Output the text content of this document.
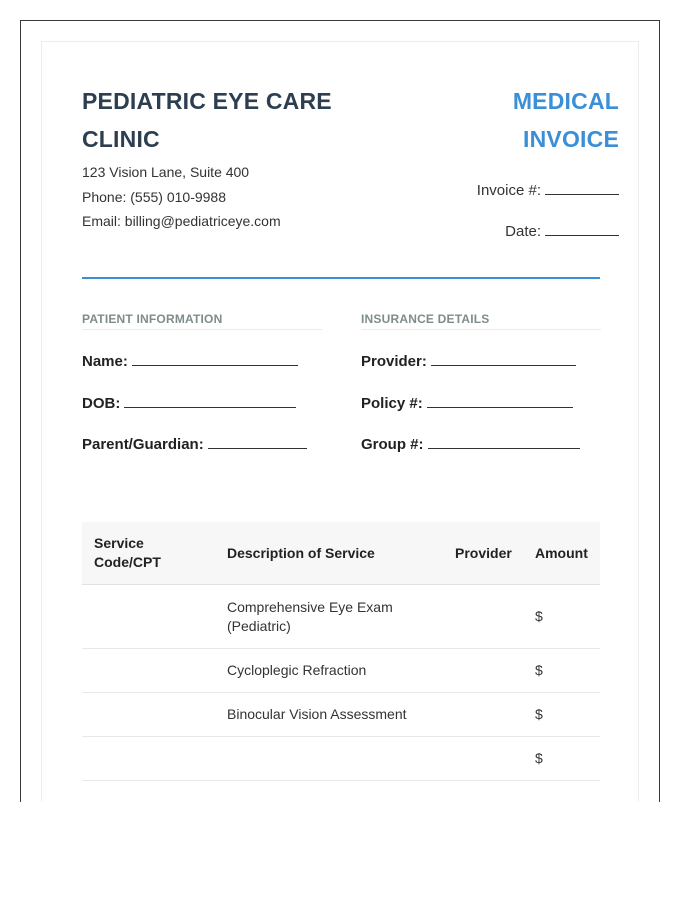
PEDIATRIC EYE CARE CLINIC
123 Vision Lane, Suite 400
Phone: (555) 010-9988
Email: billing@pediatriceye.com
MEDICAL INVOICE
Invoice #:
Date:
PATIENT INFORMATION	INSURANCE DETAILS
Name:
DOB:
Parent/Guardian:
Provider:
Policy #:
Group #:
Service Code/CPT	Description of Service	Provider	Amount
	Comprehensive Eye Exam (Pediatric)		$
	Cycloplegic Refraction		$
	Binocular Vision Assessment		$
			$
